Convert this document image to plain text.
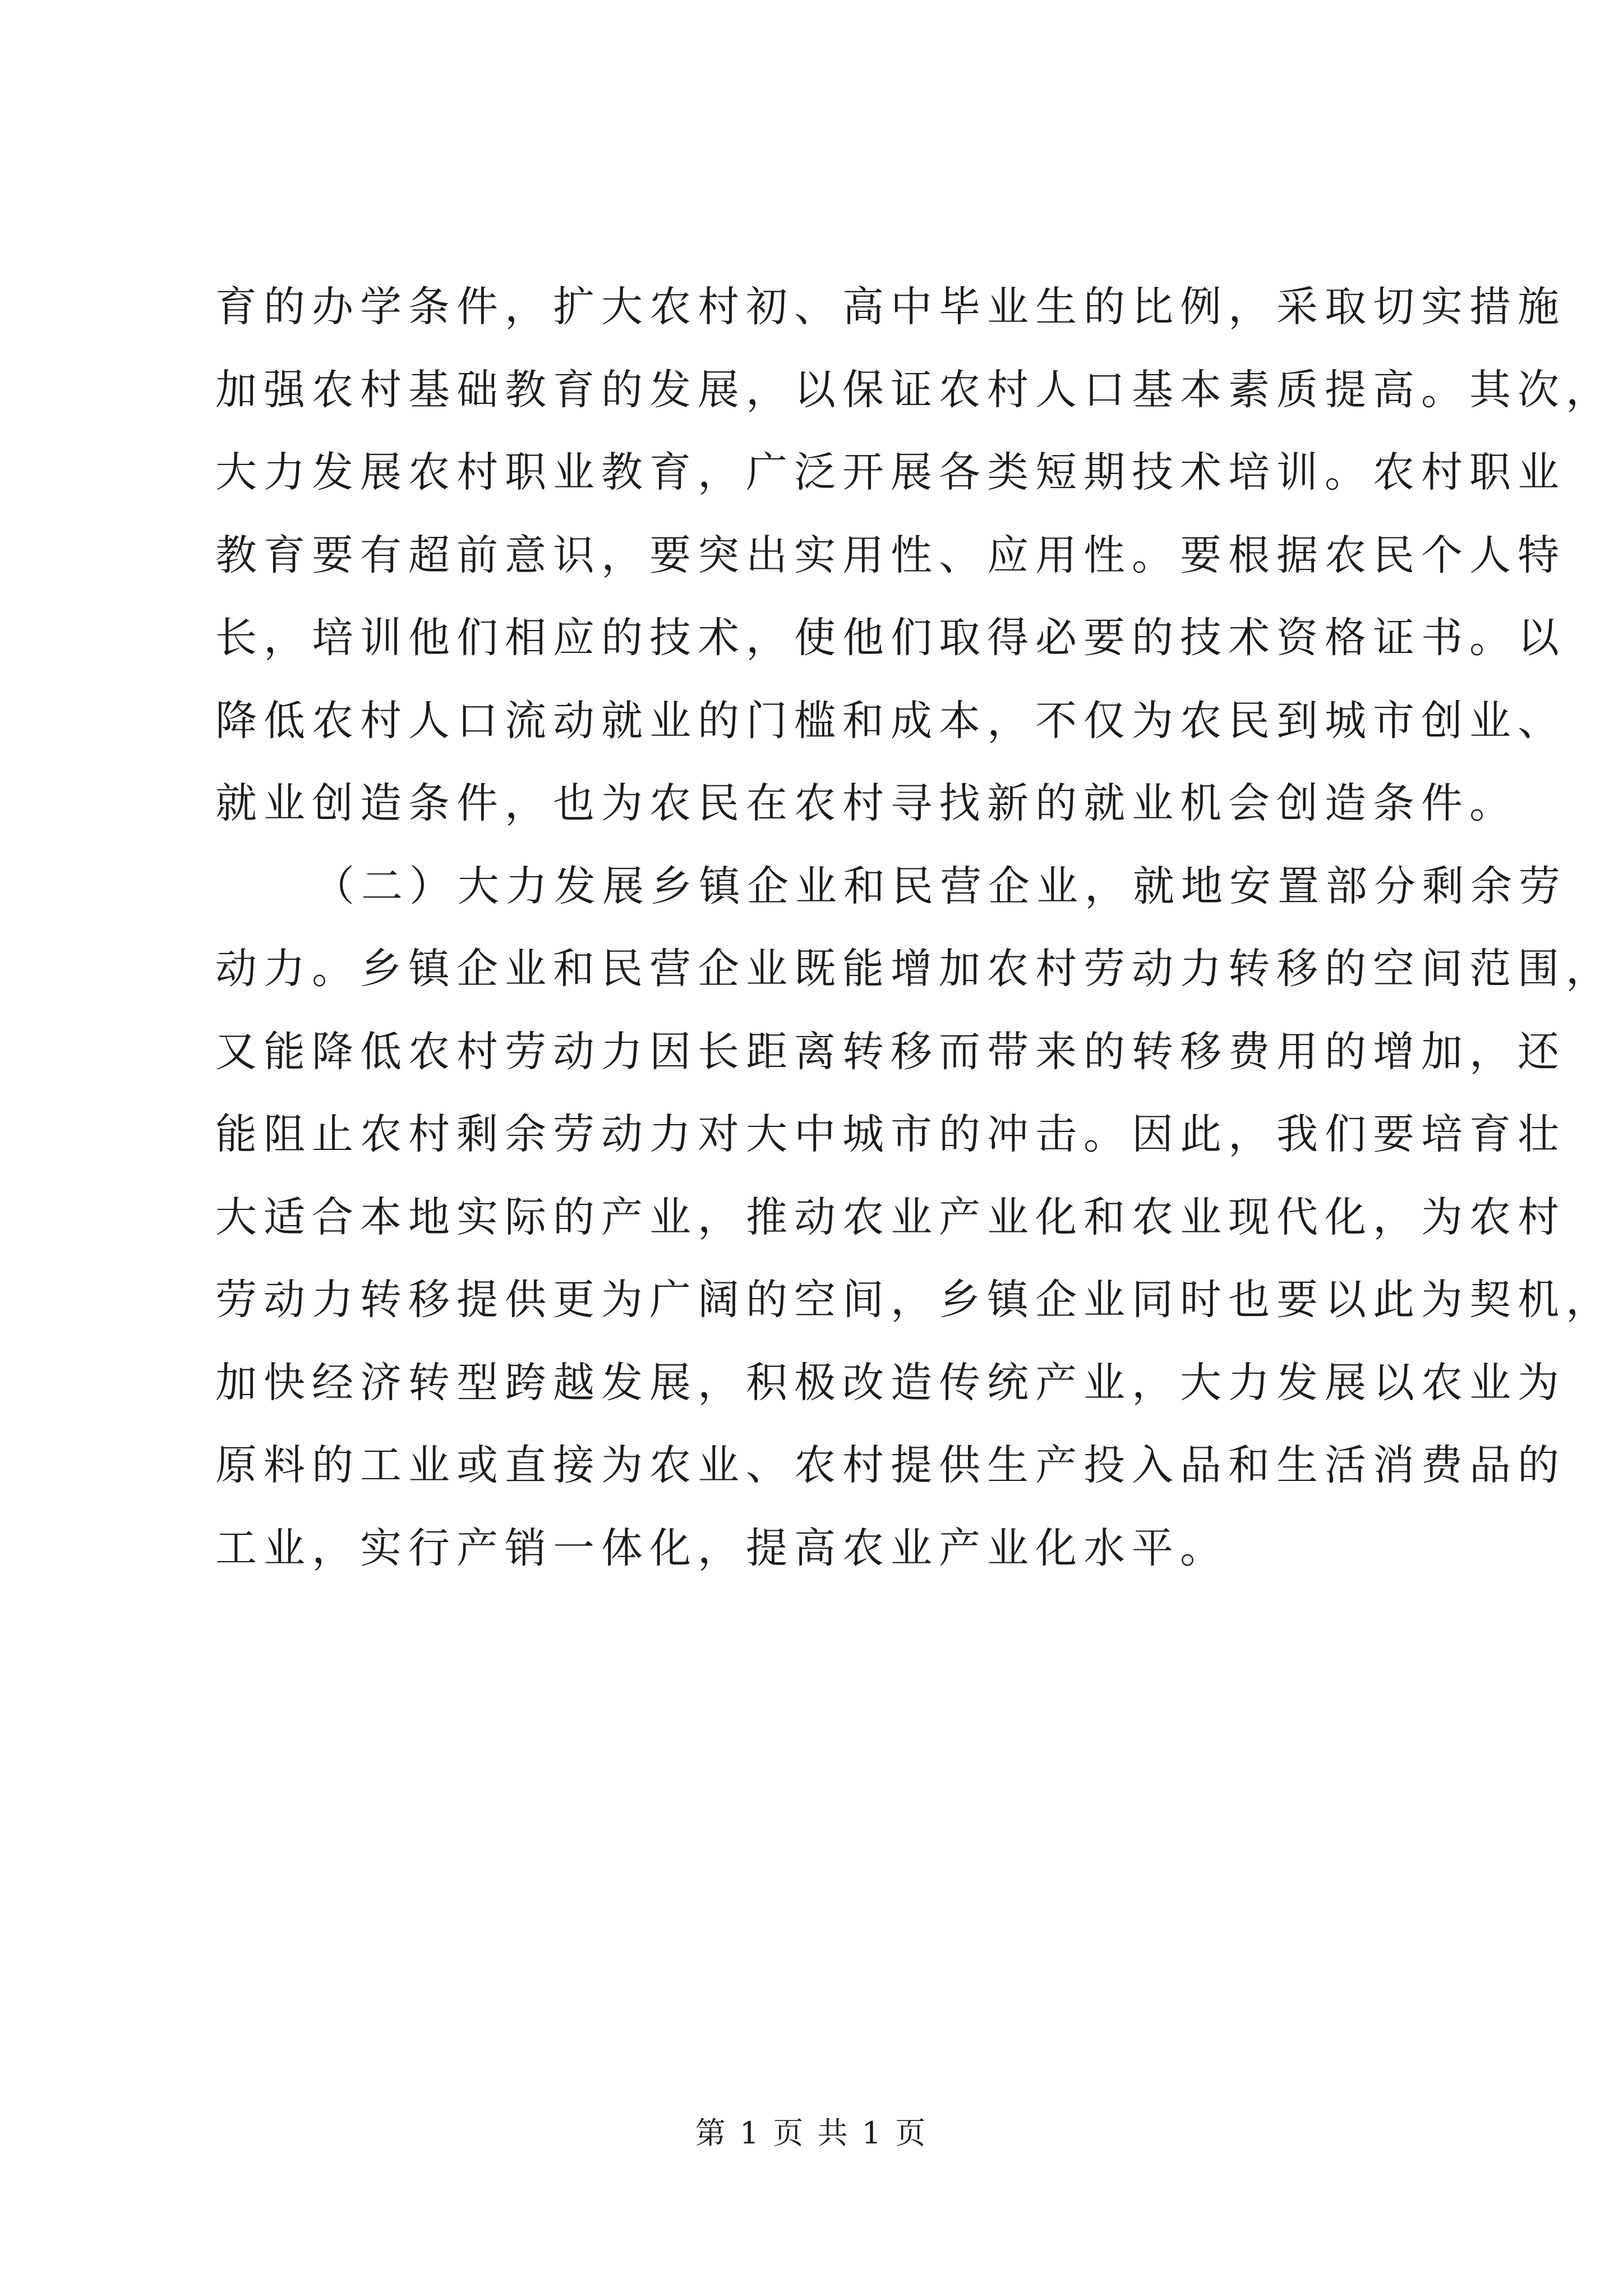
育的办学条件，扩大农村初、高中毕业生的比例，采取切实措施
加强农村基础教育的发展，以保证农村人口基本素质提高。其次，
大力发展农村职业教育，广泛开展各类短期技术培训。农村职业
教育要有超前意识，要突出实用性、应用性。要根据农民个人特
长，培训他们相应的技术，使他们取得必要的技术资格证书。以
降低农村人口流动就业的门槛和成本，不仅为农民到城市创业、
就业创造条件，也为农民在农村寻找新的就业机会创造条件。
（二）大力发展乡镇企业和民营企业，就地安置部分剩余劳
动力。乡镇企业和民营企业既能增加农村劳动力转移的空间范围，
又能降低农村劳动力因长距离转移而带来的转移费用的增加，还
能阻止农村剩余劳动力对大中城市的冲击。因此，我们要培育壮
大适合本地实际的产业，推动农业产业化和农业现代化，为农村
劳动力转移提供更为广阔的空间，乡镇企业同时也要以此为契机，
加快经济转型跨越发展，积极改造传统产业，大力发展以农业为
原料的工业或直接为农业、农村提供生产投入品和生活消费品的
工业，实行产销一体化，提高农业产业化水平。
第 1 页 共 1 页
